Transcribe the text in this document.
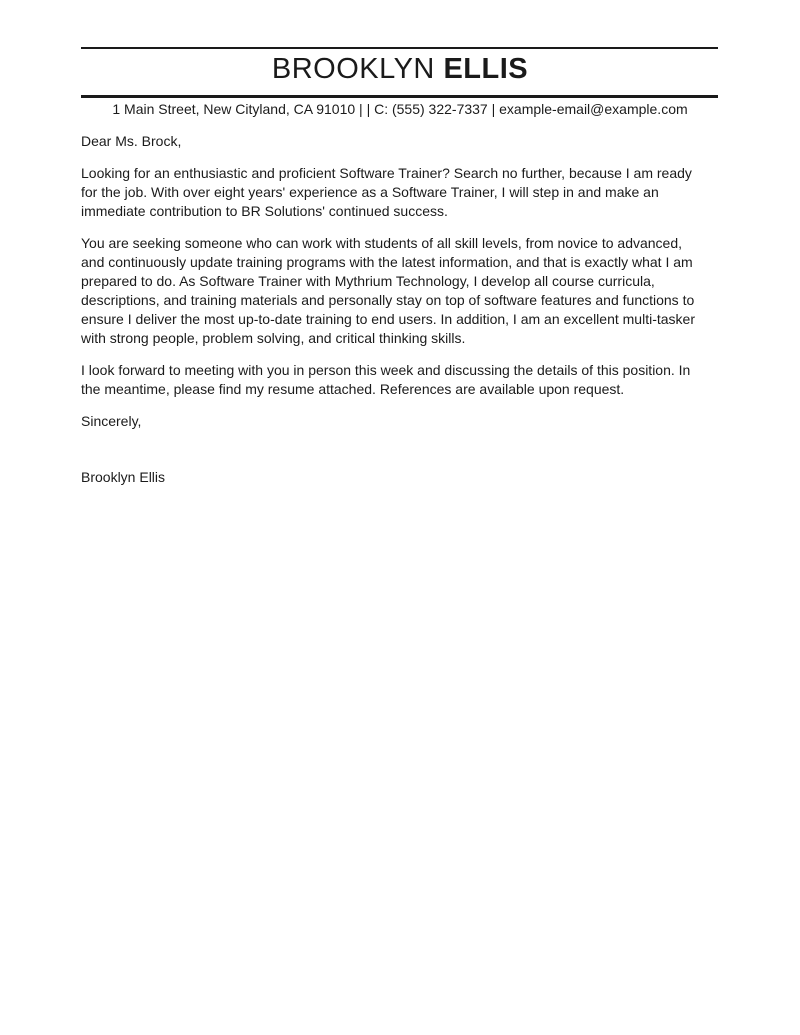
BROOKLYN ELLIS
1 Main Street, New Cityland, CA 91010 | | C: (555) 322-7337 | example-email@example.com

Dear Ms. Brock,

Looking for an enthusiastic and proficient Software Trainer? Search no further, because I am ready
for the job. With over eight years' experience as a Software Trainer, I will step in and make an
immediate contribution to BR Solutions' continued success.

You are seeking someone who can work with students of all skill levels, from novice to advanced,
and continuously update training programs with the latest information, and that is exactly what I am
prepared to do. As Software Trainer with Mythrium Technology, I develop all course curricula,
descriptions, and training materials and personally stay on top of software features and functions to
ensure I deliver the most up-to-date training to end users. In addition, I am an excellent multi-tasker
with strong people, problem solving, and critical thinking skills.

I look forward to meeting with you in person this week and discussing the details of this position. In
the meantime, please find my resume attached. References are available upon request.

Sincerely,

Brooklyn Ellis
